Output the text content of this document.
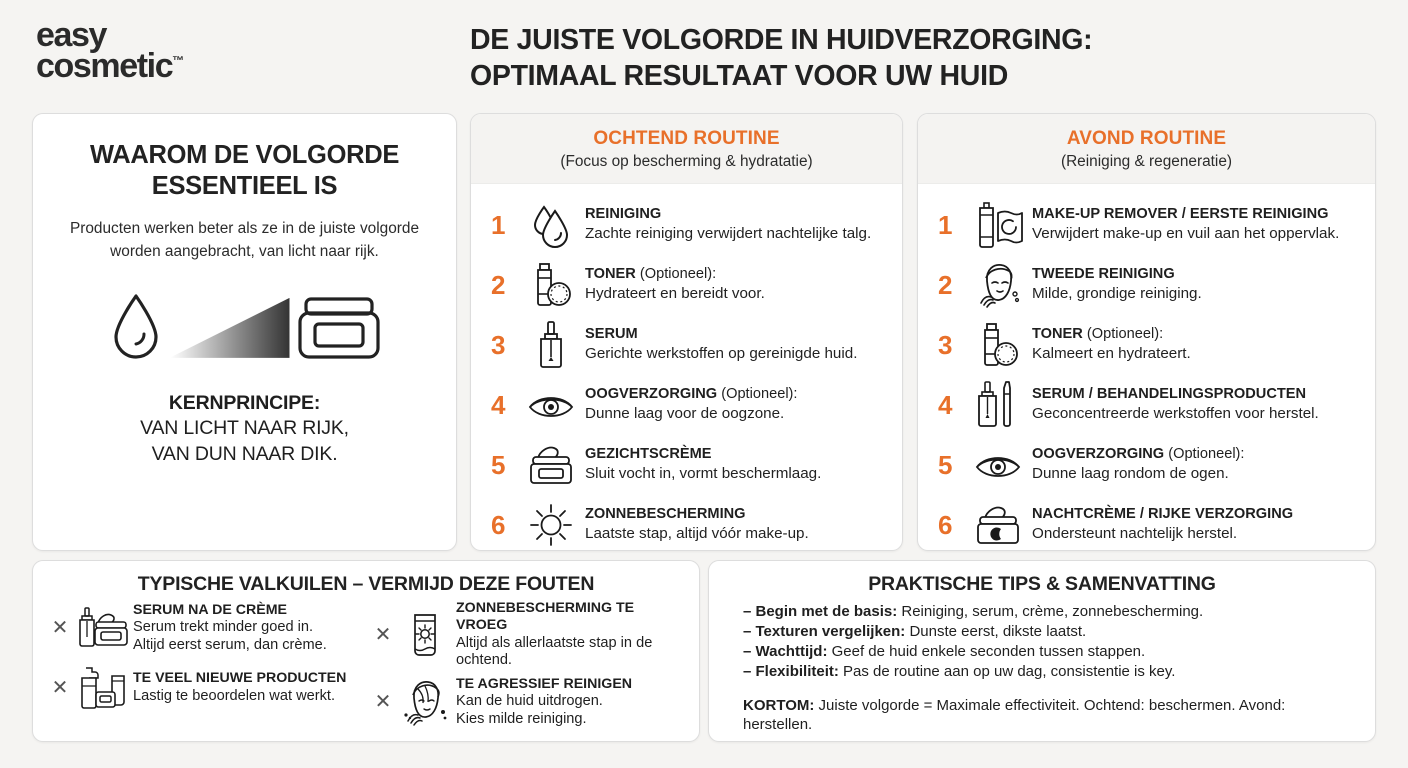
easy
cosmetic™
DE JUISTE VOLGORDE IN HUIDVERZORGING:
OPTIMAAL RESULTAAT VOOR UW HUID
WAAROM DE VOLGORDE
ESSENTIEEL IS
Producten werken beter als ze in de juiste volgorde worden aangebracht, van licht naar rijk.
KERNPRINCIPE:
VAN LICHT NAAR RIJK,
VAN DUN NAAR DIK.
OCHTEND ROUTINE
(Focus op bescherming & hydratatie)
1	REINIGING
Zachte reiniging verwijdert nachtelijke talg.
2	TONER (Optioneel):
Hydrateert en bereidt voor.
3	SERUM
Gerichte werkstoffen op gereinigde huid.
4	OOGVERZORGING (Optioneel):
Dunne laag voor de oogzone.
5	GEZICHTSCRÈME
Sluit vocht in, vormt beschermlaag.
6	ZONNEBESCHERMING
Laatste stap, altijd vóór make-up.
AVOND ROUTINE
(Reiniging & regeneratie)
1	MAKE-UP REMOVER / EERSTE REINIGING
Verwijdert make-up en vuil aan het oppervlak.
2	TWEEDE REINIGING
Milde, grondige reiniging.
3	TONER (Optioneel):
Kalmeert en hydrateert.
4	SERUM / BEHANDELINGSPRODUCTEN
Geconcentreerde werkstoffen voor herstel.
5	OOGVERZORGING (Optioneel):
Dunne laag rondom de ogen.
6	NACHTCRÈME / RIJKE VERZORGING
Ondersteunt nachtelijk herstel.
TYPISCHE VALKUILEN – VERMIJD DEZE FOUTEN
✕
SERUM NA DE CRÈME
Serum trekt minder goed in.
Altijd eerst serum, dan crème.
✕	TE VEEL NIEUWE PRODUCTEN
Lastig te beoordelen wat werkt.
✕
ZONNEBESCHERMING TE VROEG
Altijd als allerlaatste stap in de
ochtend.
✕
TE AGRESSIEF REINIGEN
Kan de huid uitdrogen.
Kies milde reiniging.
PRAKTISCHE TIPS & SAMENVATTING
– Begin met de basis: Reiniging, serum, crème, zonnebescherming.
– Texturen vergelijken: Dunste eerst, dikste laatst.
– Wachttijd: Geef de huid enkele seconden tussen stappen.
– Flexibiliteit: Pas de routine aan op uw dag, consistentie is key.
KORTOM: Juiste volgorde = Maximale effectiviteit. Ochtend: beschermen. Avond: herstellen.
